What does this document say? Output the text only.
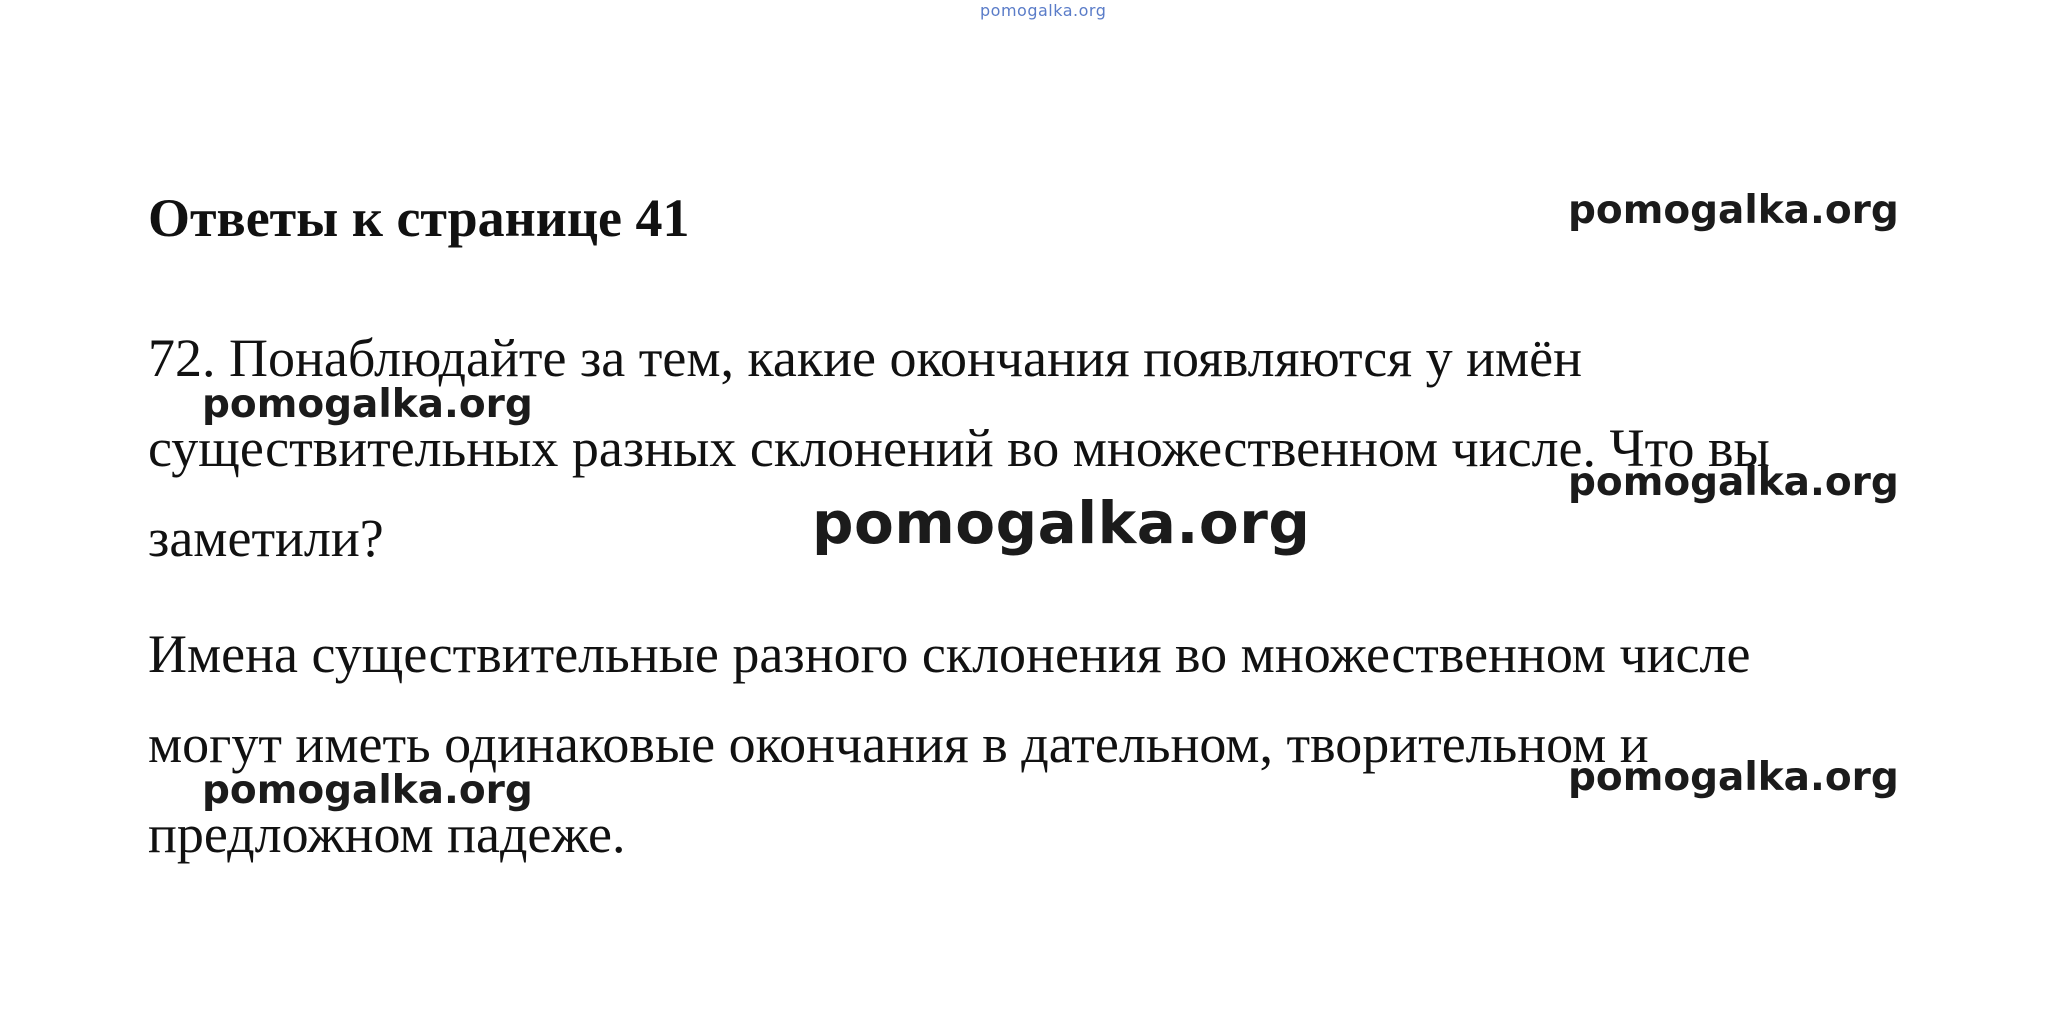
pomogalka.org
Ответы к странице 41
72. Понаблюдайте за тем, какие окончания появляются у имён
существительных разных склонений во множественном числе. Что вы
заметили?
Имена существительные разного склонения во множественном числе
могут иметь одинаковые окончания в дательном, творительном и
предложном падеже.
pomogalka.org
pomogalka.org
pomogalka.org
pomogalka.org
pomogalka.org
pomogalka.org
